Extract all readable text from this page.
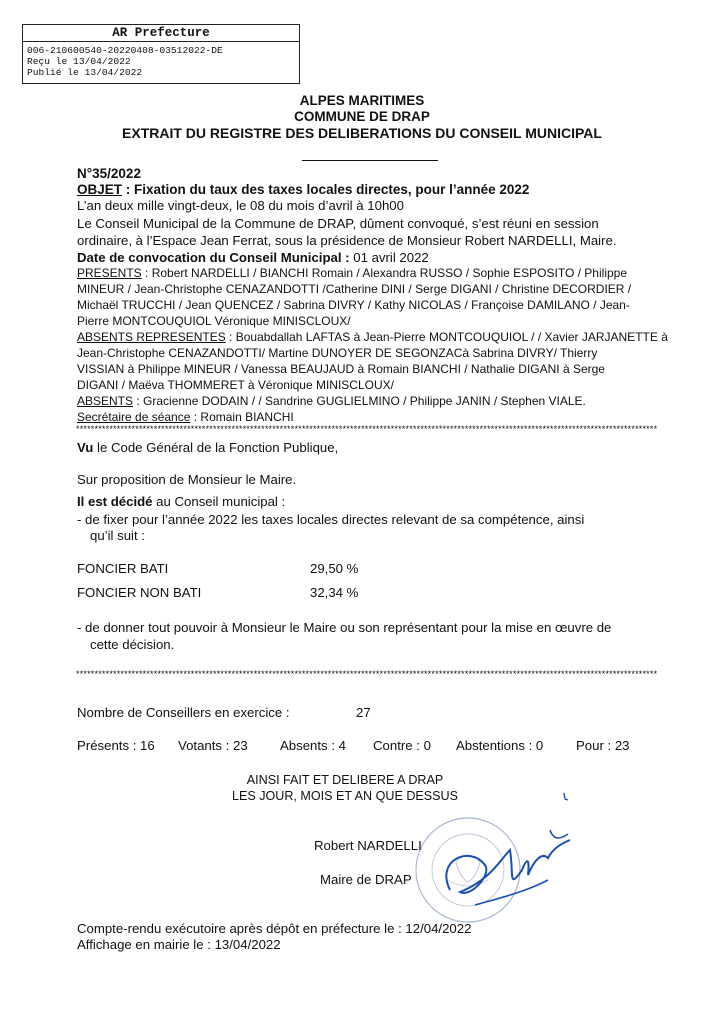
AR Prefecture
006-210600540-20220408-03512022-DE
Reçu le 13/04/2022
Publié le 13/04/2022
ALPES MARITIMES
COMMUNE DE DRAP
EXTRAIT DU REGISTRE DES DELIBERATIONS DU CONSEIL MUNICIPAL
N°35/2022
OBJET : Fixation du taux des taxes locales directes, pour l’année 2022
L’an deux mille vingt-deux, le 08 du mois d’avril à 10h00
Le Conseil Municipal de la Commune de DRAP, dûment convoqué, s’est réuni en session
ordinaire, à l’Espace Jean Ferrat, sous la présidence de Monsieur Robert NARDELLI, Maire.
Date de convocation du Conseil Municipal : 01 avril 2022
PRESENTS : Robert NARDELLI / BIANCHI Romain / Alexandra RUSSO / Sophie ESPOSITO / Philippe
MINEUR / Jean-Christophe CENAZANDOTTI /Catherine DINI / Serge DIGANI / Christine DECORDIER /
Michaël TRUCCHI / Jean QUENCEZ / Sabrina DIVRY / Kathy NICOLAS / Françoise DAMILANO / Jean-
Pierre MONTCOUQUIOL Véronique MINISCLOUX/
ABSENTS REPRESENTES : Bouabdallah LAFTAS à Jean-Pierre MONTCOUQUIOL / / Xavier JARJANETTE à
Jean-Christophe CENAZANDOTTI/ Martine DUNOYER DE SEGONZACà Sabrina DIVRY/ Thierry
VISSIAN à Philippe MINEUR / Vanessa BEAUJAUD à Romain BIANCHI / Nathalie DIGANI à Serge
DIGANI / Maëva THOMMERET à Véronique MINISCLOUX/
ABSENTS : Gracienne DODAIN / / Sandrine GUGLIELMINO / Philippe JANIN / Stephen VIALE.
Secrétaire de séance : Romain BIANCHI
*************************************************************************************************************************************************************
Vu le Code Général de la Fonction Publique,
Sur proposition de Monsieur le Maire.
Il est décidé au Conseil municipal :
- de fixer pour l’année 2022 les taxes locales directes relevant de sa compétence, ainsi
qu’il suit :
FONCIER BATI	29,50 %
FONCIER NON BATI	32,34 %
- de donner tout pouvoir à Monsieur le Maire ou son représentant pour la mise en œuvre de
cette décision.
*************************************************************************************************************************************************************
Nombre de Conseillers en exercice :	27
Présents : 16 Votants : 23 Absents : 4 Contre : 0 Abstentions : 0 Pour : 23
AINSI FAIT ET DELIBERE A DRAP
LES JOUR, MOIS ET AN QUE DESSUS
Robert NARDELLI
Maire de DRAP
Compte-rendu exécutoire après dépôt en préfecture le : 12/04/2022
Affichage en mairie le : 13/04/2022
